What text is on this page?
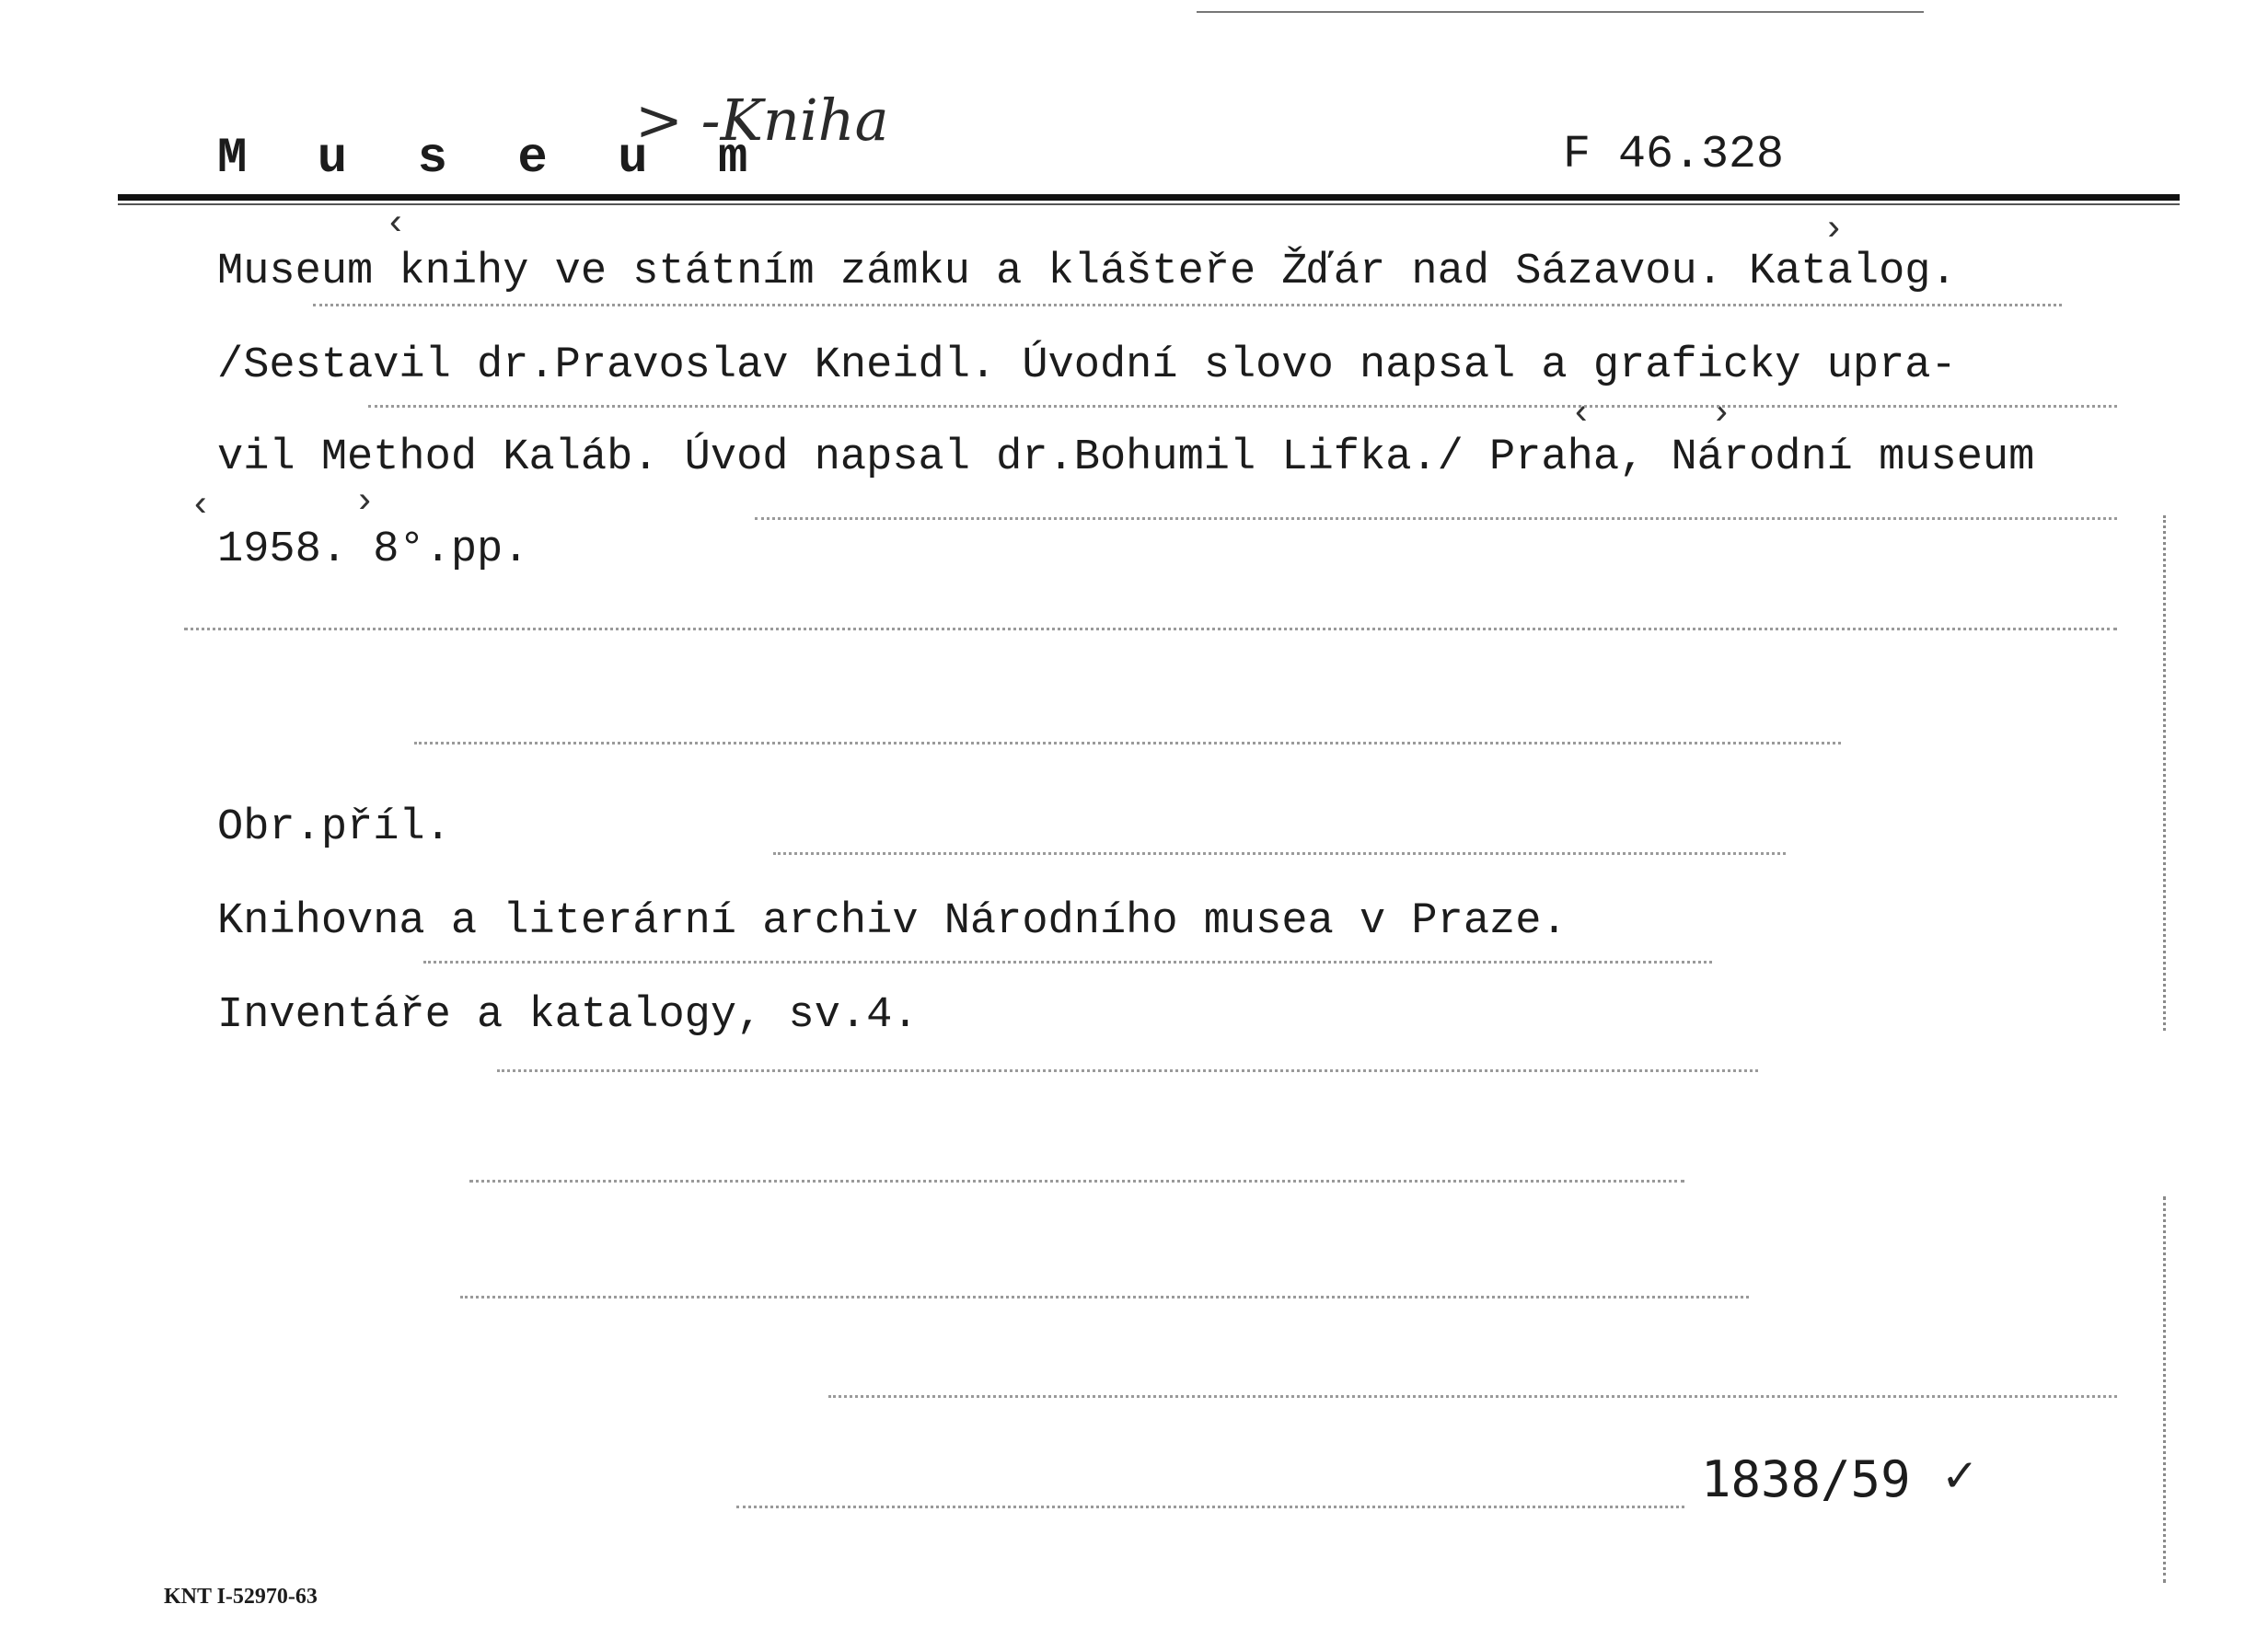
M u s e u m
> -Kniha
F 46.328
‹	›
‹	›
‹	›
Museum knihy ve státním zámku a klášteře Žďár nad Sázavou. Katalog.
/Sestavil dr.Pravoslav Kneidl. Úvodní slovo napsal a graficky upra-
vil Method Kaláb. Úvod napsal dr.Bohumil Lifka./ Praha, Národní museum
1958. 8°.pp.
Obr.příl.
Knihovna a literární archiv Národního musea v Praze.
Inventáře a katalogy, sv.4.
1838/59 ✓
KNT I-52970-63
